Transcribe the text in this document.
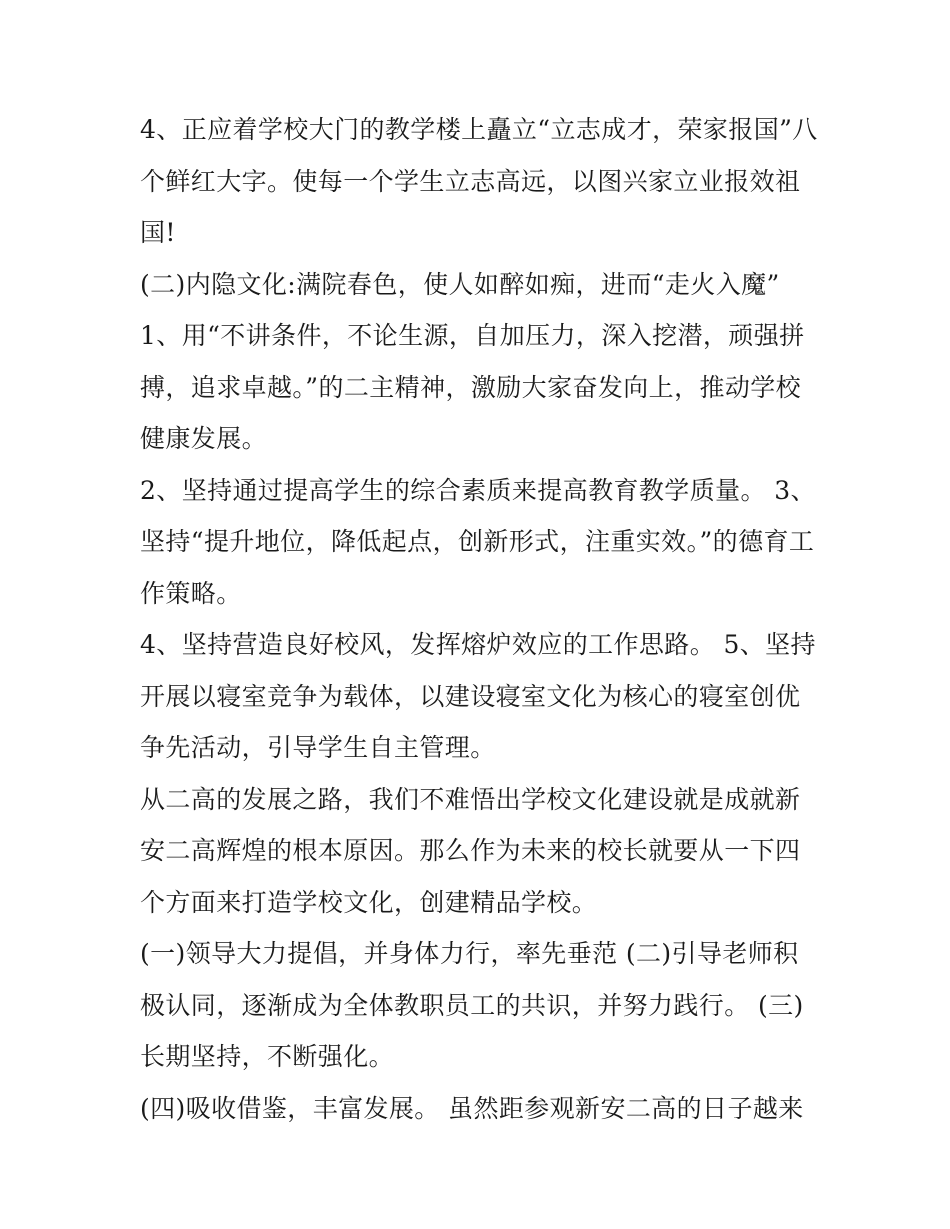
4、正应着学校大门的教学楼上矗立“立志成才，荣家报国”八个鲜红大字。使每一个学生立志高远，以图兴家立业报效祖国!

(二)内隐文化:满院春色，使人如醉如痴，进而“走火入魔”

1、用“不讲条件，不论生源，自加压力，深入挖潜，顽强拼搏，追求卓越。”的二主精神，激励大家奋发向上，推动学校健康发展。

2、坚持通过提高学生的综合素质来提高教育教学质量。 3、坚持“提升地位，降低起点，创新形式，注重实效。”的德育工作策略。

4、坚持营造良好校风，发挥熔炉效应的工作思路。 5、坚持开展以寝室竞争为载体，以建设寝室文化为核心的寝室创优争先活动，引导学生自主管理。

从二高的发展之路，我们不难悟出学校文化建设就是成就新安二高辉煌的根本原因。那么作为未来的校长就要从一下四个方面来打造学校文化，创建精品学校。

(一)领导大力提倡，并身体力行，率先垂范 (二)引导老师积极认同，逐渐成为全体教职员工的共识，并努力践行。 (三)长期坚持，不断强化。

(四)吸收借鉴，丰富发展。 虽然距参观新安二高的日子越来
